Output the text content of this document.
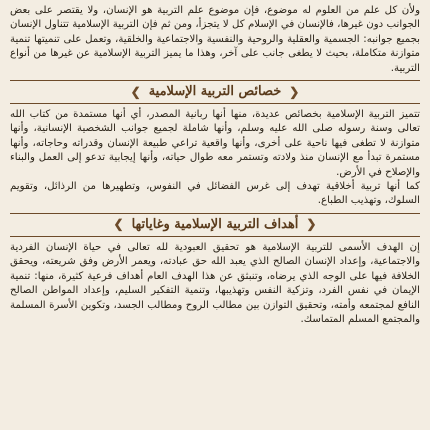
ولأن كل علم من العلوم له موضوع، فإن موضوع علم التربية هو الإنسان، ولا يقتصر على بعض الجوانب دون غيرها، فالإنسان في الإسلام كل لا يتجزأ، ومن ثم فإن التربية الإسلامية تتناول الإنسان بجميع جوانبه: الجسمية والعقلية والروحية والنفسية والاجتماعية والخلقية، وتعمل على تنميتها تنمية متوازنة متكاملة، بحيث لا يطغى جانب على آخر، وهذا ما يميز التربية الإسلامية عن غيرها من أنواع التربية.

❮خصائص التربية الإسلامية❯

تتميز التربية الإسلامية بخصائص عديدة، منها أنها ربانية المصدر، أي أنها مستمدة من كتاب الله تعالى وسنة رسوله صلى الله عليه وسلم، وأنها شاملة لجميع جوانب الشخصية الإنسانية، وأنها متوازنة لا تطغى فيها ناحية على أخرى، وأنها واقعية تراعي طبيعة الإنسان وقدراته وحاجاته، وأنها مستمرة تبدأ مع الإنسان منذ ولادته وتستمر معه طوال حياته، وأنها إيجابية تدعو إلى العمل والبناء والإصلاح في الأرض.

كما أنها تربية أخلاقية تهدف إلى غرس الفضائل في النفوس، وتطهيرها من الرذائل، وتقويم السلوك، وتهذيب الطباع.

❮أهداف التربية الإسلامية وغاياتها❯

إن الهدف الأسمى للتربية الإسلامية هو تحقيق العبودية لله تعالى في حياة الإنسان الفردية والاجتماعية، وإعداد الإنسان الصالح الذي يعبد الله حق عبادته، ويعمر الأرض وفق شريعته، ويحقق الخلافة فيها على الوجه الذي يرضاه، وتنبثق عن هذا الهدف العام أهداف فرعية كثيرة، منها: تنمية الإيمان في نفس الفرد، وتزكية النفس وتهذيبها، وتنمية التفكير السليم، وإعداد المواطن الصالح النافع لمجتمعه وأمته، وتحقيق التوازن بين مطالب الروح ومطالب الجسد، وتكوين الأسرة المسلمة والمجتمع المسلم المتماسك.
